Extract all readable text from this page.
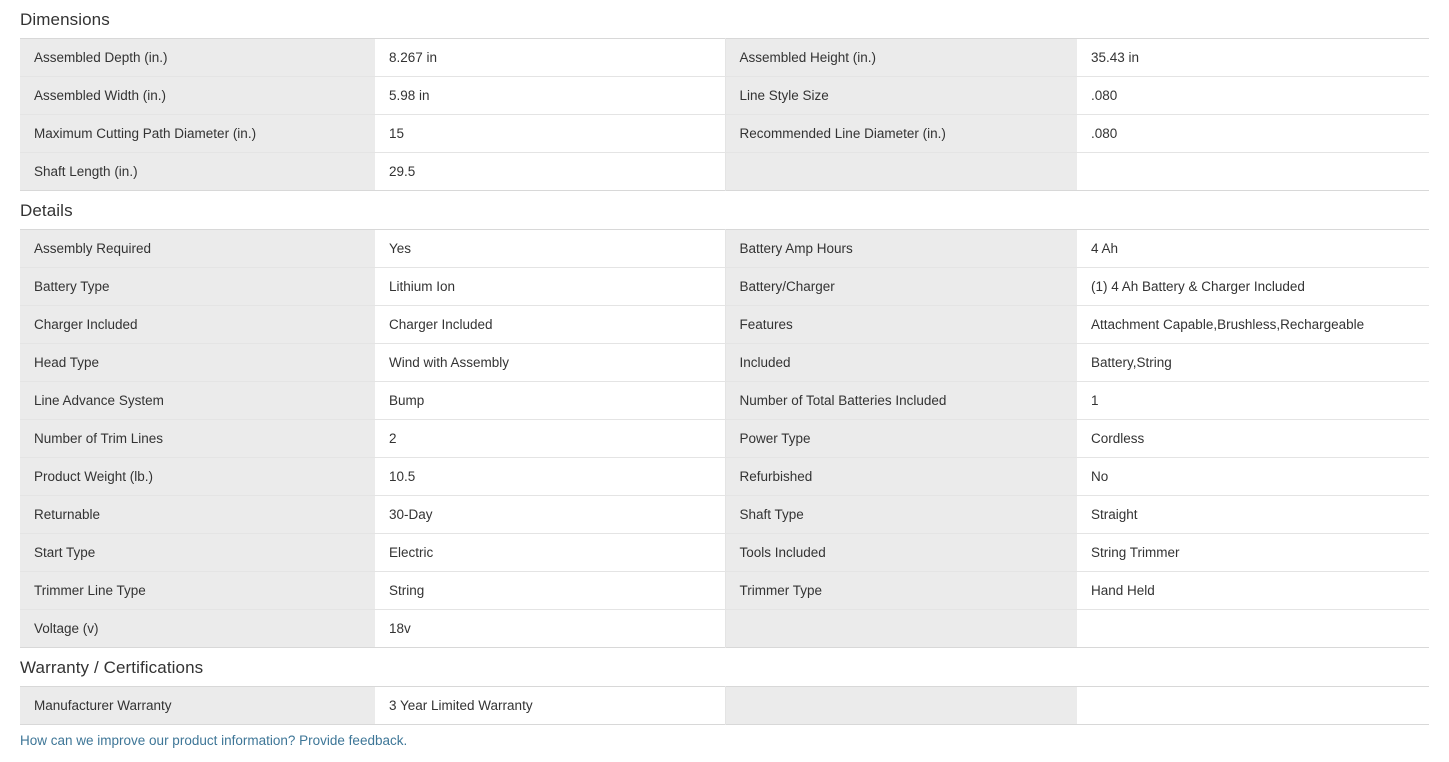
Dimensions
Assembled Depth (in.)	8.267 in	Assembled Height (in.)	35.43 in
Assembled Width (in.)	5.98 in	Line Style Size	.080
Maximum Cutting Path Diameter (in.)	15	Recommended Line Diameter (in.)	.080
Shaft Length (in.)	29.5		
Details
Assembly Required	Yes	Battery Amp Hours	4 Ah
Battery Type	Lithium Ion	Battery/Charger	(1) 4 Ah Battery & Charger Included
Charger Included	Charger Included	Features	Attachment Capable,Brushless,Rechargeable
Head Type	Wind with Assembly	Included	Battery,String
Line Advance System	Bump	Number of Total Batteries Included	1
Number of Trim Lines	2	Power Type	Cordless
Product Weight (lb.)	10.5	Refurbished	No
Returnable	30-Day	Shaft Type	Straight
Start Type	Electric	Tools Included	String Trimmer
Trimmer Line Type	String	Trimmer Type	Hand Held
Voltage (v)	18v		
Warranty / Certifications
Manufacturer Warranty	3 Year Limited Warranty		
How can we improve our product information? Provide feedback.
